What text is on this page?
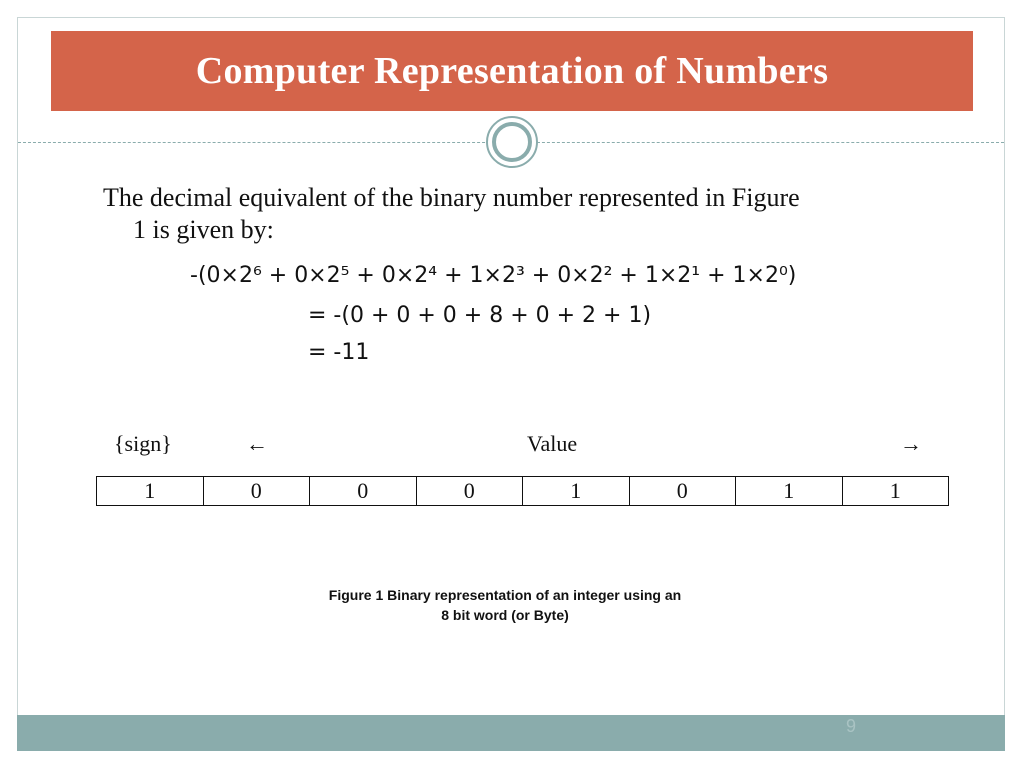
Computer Representation of Numbers
The decimal equivalent of the binary number represented in Figure
1 is given by:
-(0×2⁶ + 0×2⁵ + 0×2⁴ + 1×2³ + 0×2² + 1×2¹ + 1×2⁰)
= -(0 + 0 + 0 + 8 + 0 + 2 + 1)
= -11
{sign}	←	Value	→
1	0	0	0	1	0	1	1
Figure 1 Binary representation of an integer using an
8 bit word (or Byte)
9
